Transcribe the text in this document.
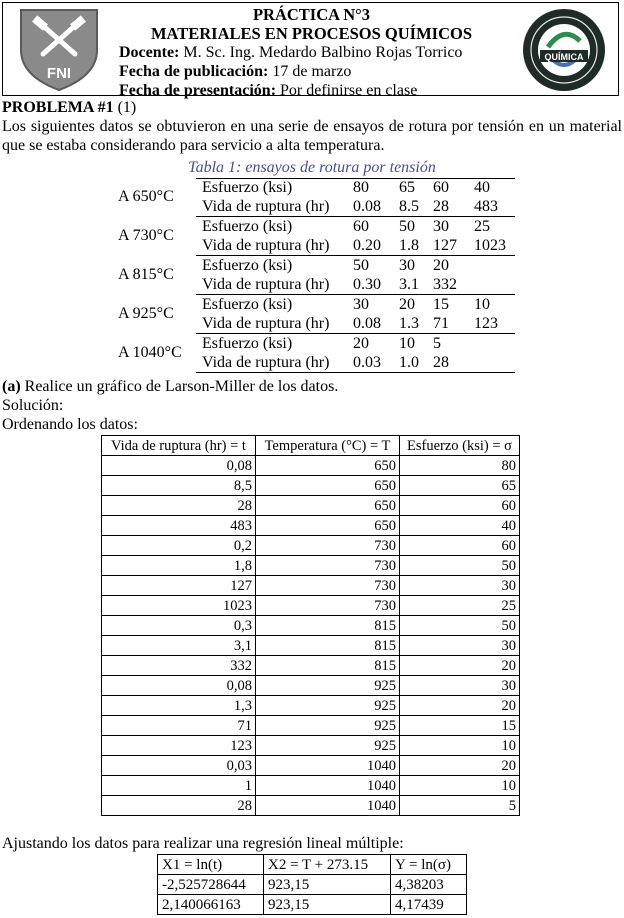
FNI
PRÁCTICA N°3
MATERIALES EN PROCESOS QUÍMICOS
Docente: M. Sc. Ing. Medardo Balbino Rojas Torrico
Fecha de publicación: 17 de marzo
Fecha de presentación: Por definirse en clase
QUÍMICA
PROBLEMA #1 (1)
Los siguientes datos se obtuvieron en una serie de ensayos de rotura por tensión en un material que se estaba considerando para servicio a alta temperatura.
Tabla 1: ensayos de rotura por tensión
A 650°C
Esfuerzo (ksi)	80 65 60 40
Vida de ruptura (hr) 0.08 8.5 28 483
A 730°C
Esfuerzo (ksi)	60 50 30 25
Vida de ruptura (hr) 0.20 1.8 127 1023
A 815°C
Esfuerzo (ksi)	50 30 20
Vida de ruptura (hr) 0.30 3.1 332
A 925°C
Esfuerzo (ksi)	30 20 15 10
Vida de ruptura (hr) 0.08 1.3 71 123
A 1040°C
Esfuerzo (ksi)	20 10 5
Vida de ruptura (hr) 0.03 1.0 28
(a) Realice un gráfico de Larson-Miller de los datos.
Solución:
Ordenando los datos:
Vida de ruptura (hr) = t	Temperatura (°C) = T	Esfuerzo (ksi) = σ
0,08	650	80
8,5	650	65
28	650	60
483	650	40
0,2	730	60
1,8	730	50
127	730	30
1023	730	25
0,3	815	50
3,1	815	30
332	815	20
0,08	925	30
1,3	925	20
71	925	15
123	925	10
0,03	1040	20
1	1040	10
28	1040	5
Ajustando los datos para realizar una regresión lineal múltiple:
X1 = ln(t)	X2 = T + 273.15	Y = ln(σ)
-2,525728644	923,15	4,38203
2,140066163	923,15	4,17439
